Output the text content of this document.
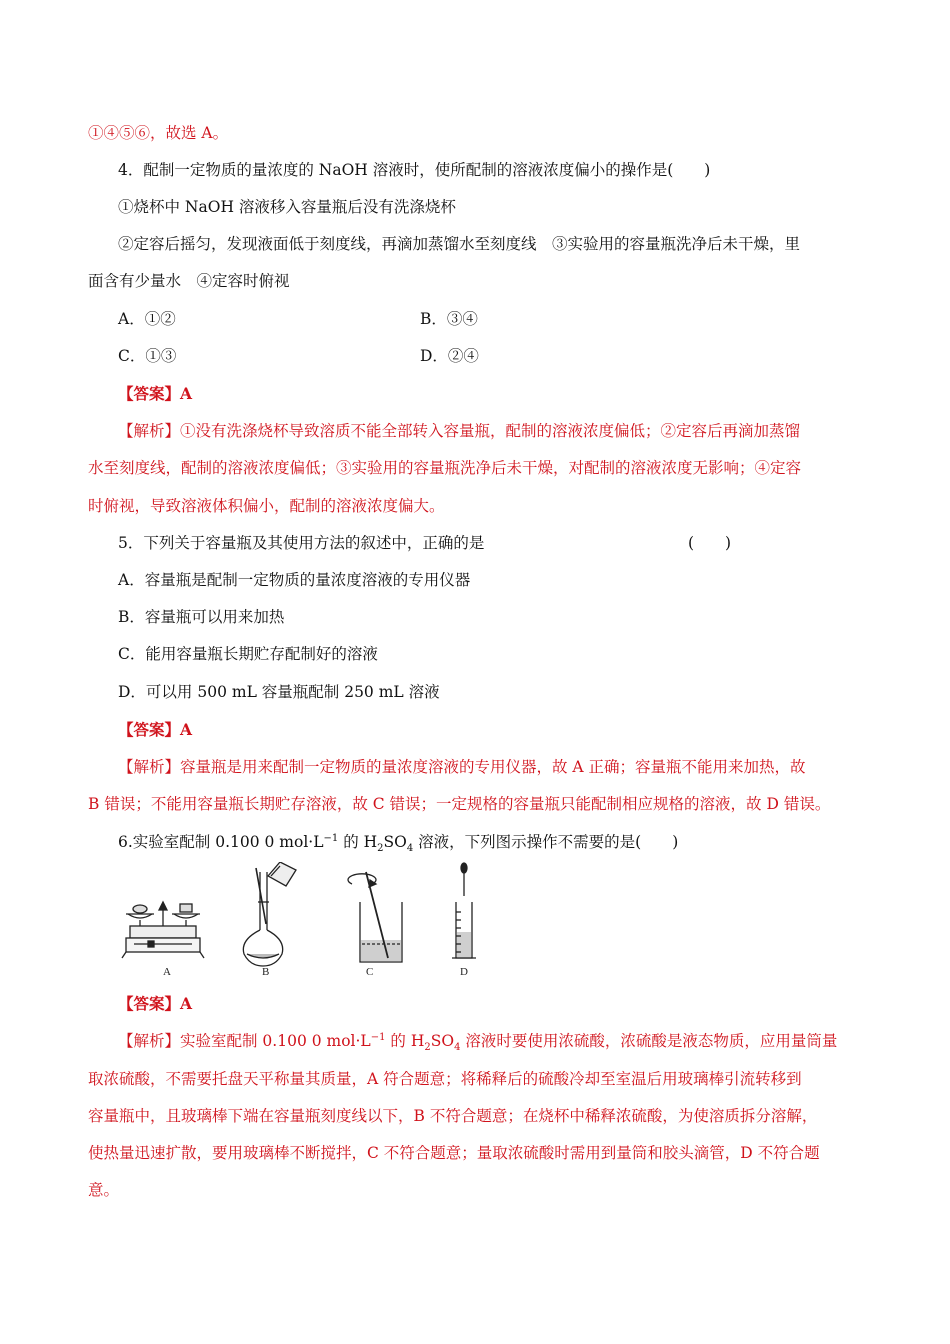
①④⑤⑥，故选 A。
4．配制一定物质的量浓度的 NaOH 溶液时，使所配制的溶液浓度偏小的操作是(　　)
①烧杯中 NaOH 溶液移入容量瓶后没有洗涤烧杯
②定容后摇匀，发现液面低于刻度线，再滴加蒸馏水至刻度线　③实验用的容量瓶洗净后未干燥，里
面含有少量水　④定容时俯视
A．①②	B．③④
C．①③	D．②④
【答案】A
【解析】①没有洗涤烧杯导致溶质不能全部转入容量瓶，配制的溶液浓度偏低；②定容后再滴加蒸馏
水至刻度线，配制的溶液浓度偏低；③实验用的容量瓶洗净后未干燥，对配制的溶液浓度无影响；④定容
时俯视，导致溶液体积偏小，配制的溶液浓度偏大。
5．下列关于容量瓶及其使用方法的叙述中，正确的是	(　　)
A．容量瓶是配制一定物质的量浓度溶液的专用仪器
B．容量瓶可以用来加热
C．能用容量瓶长期贮存配制好的溶液
D．可以用 500 mL 容量瓶配制 250 mL 溶液
【答案】A
【解析】容量瓶是用来配制一定物质的量浓度溶液的专用仪器，故 A 正确；容量瓶不能用来加热，故
B 错误；不能用容量瓶长期贮存溶液，故 C 错误；一定规格的容量瓶只能配制相应规格的溶液，故 D 错误。
6.实验室配制 0.100 0 $mol\cdot L^{-1}$ 的 $H_2SO_4$ 溶液，下列图示操作不需要的是(　　)
A	B	C	D
【答案】A
【解析】实验室配制 0.100 0 $mol\cdot L^{-1}$ 的 $H_2SO_4$ 溶液时要使用浓硫酸，浓硫酸是液态物质，应用量筒量
取浓硫酸，不需要托盘天平称量其质量，A 符合题意；将稀释后的硫酸冷却至室温后用玻璃棒引流转移到
容量瓶中，且玻璃棒下端在容量瓶刻度线以下，B 不符合题意；在烧杯中稀释浓硫酸，为使溶质拆分溶解，
使热量迅速扩散，要用玻璃棒不断搅拌，C 不符合题意；量取浓硫酸时需用到量筒和胶头滴管，D 不符合题
意。
